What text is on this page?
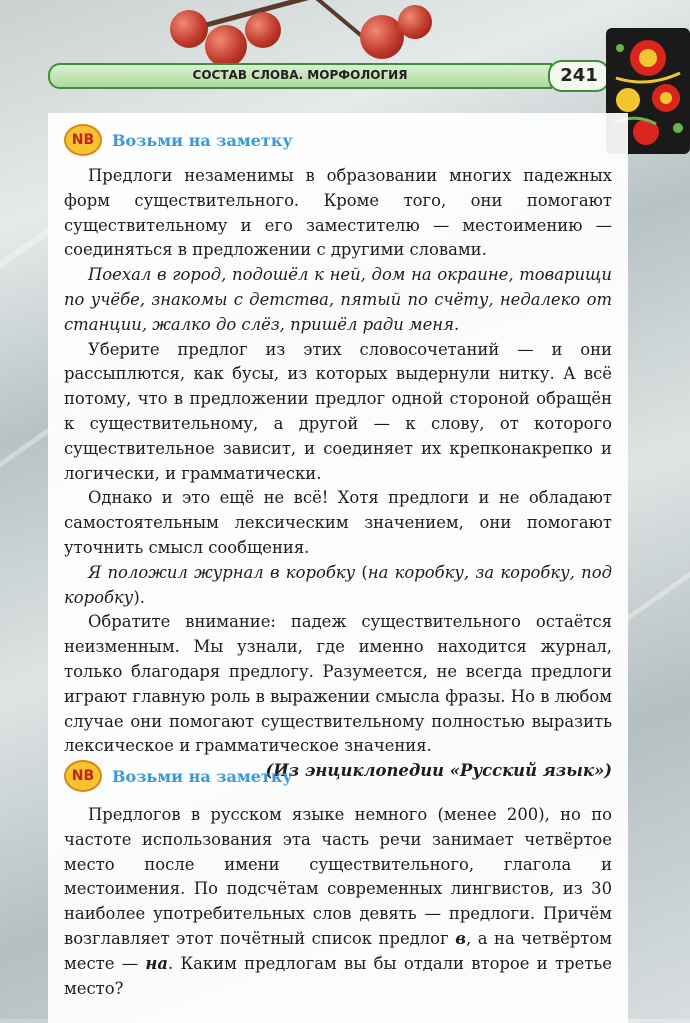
СОСТАВ СЛОВА. МОРФОЛОГИЯ	241
NB	Возьми на заметку

Предлоги незаменимы в образовании многих падежных форм существительного. Кроме того, они помогают существительному и его заместителю — местоимению — соединяться в предложении с другими словами.

Поехал в город, подошёл к ней, дом на окраине, товарищи по учёбе, знакомы с детства, пятый по счёту, недалеко от станции, жалко до слёз, пришёл ради меня.

Уберите предлог из этих словосочетаний — и они рассыплются, как бусы, из которых выдернули нитку. А всё потому, что в предложении предлог одной стороной обращён к существительному, а другой — к слову, от которого существительное зависит, и соединяет их крепконакрепко и логически, и грамматически.

Однако и это ещё не всё! Хотя предлоги и не обладают самостоятельным лексическим значением, они помогают уточнить смысл сообщения.

Я положил журнал в коробку (на коробку, за коробку, под коробку).

Обратите внимание: падеж существительного остаётся неизменным. Мы узнали, где именно находится журнал, только благодаря предлогу. Разумеется, не всегда предлоги играют главную роль в выражении смысла фразы. Но в любом случае они помогают существительному полностью выразить лексическое и грамматическое значения.

(Из энциклопедии «Русский язык»)

NB	Возьми на заметку

Предлогов в русском языке немного (менее 200), но по частоте использования эта часть речи занимает четвёртое место после имени существительного, глагола и местоимения. По подсчётам современных лингвистов, из 30 наиболее употребительных слов девять — предлоги. Причём возглавляет этот почётный список предлог в, а на четвёртом месте — на. Каким предлогам вы бы отдали второе и третье место?
